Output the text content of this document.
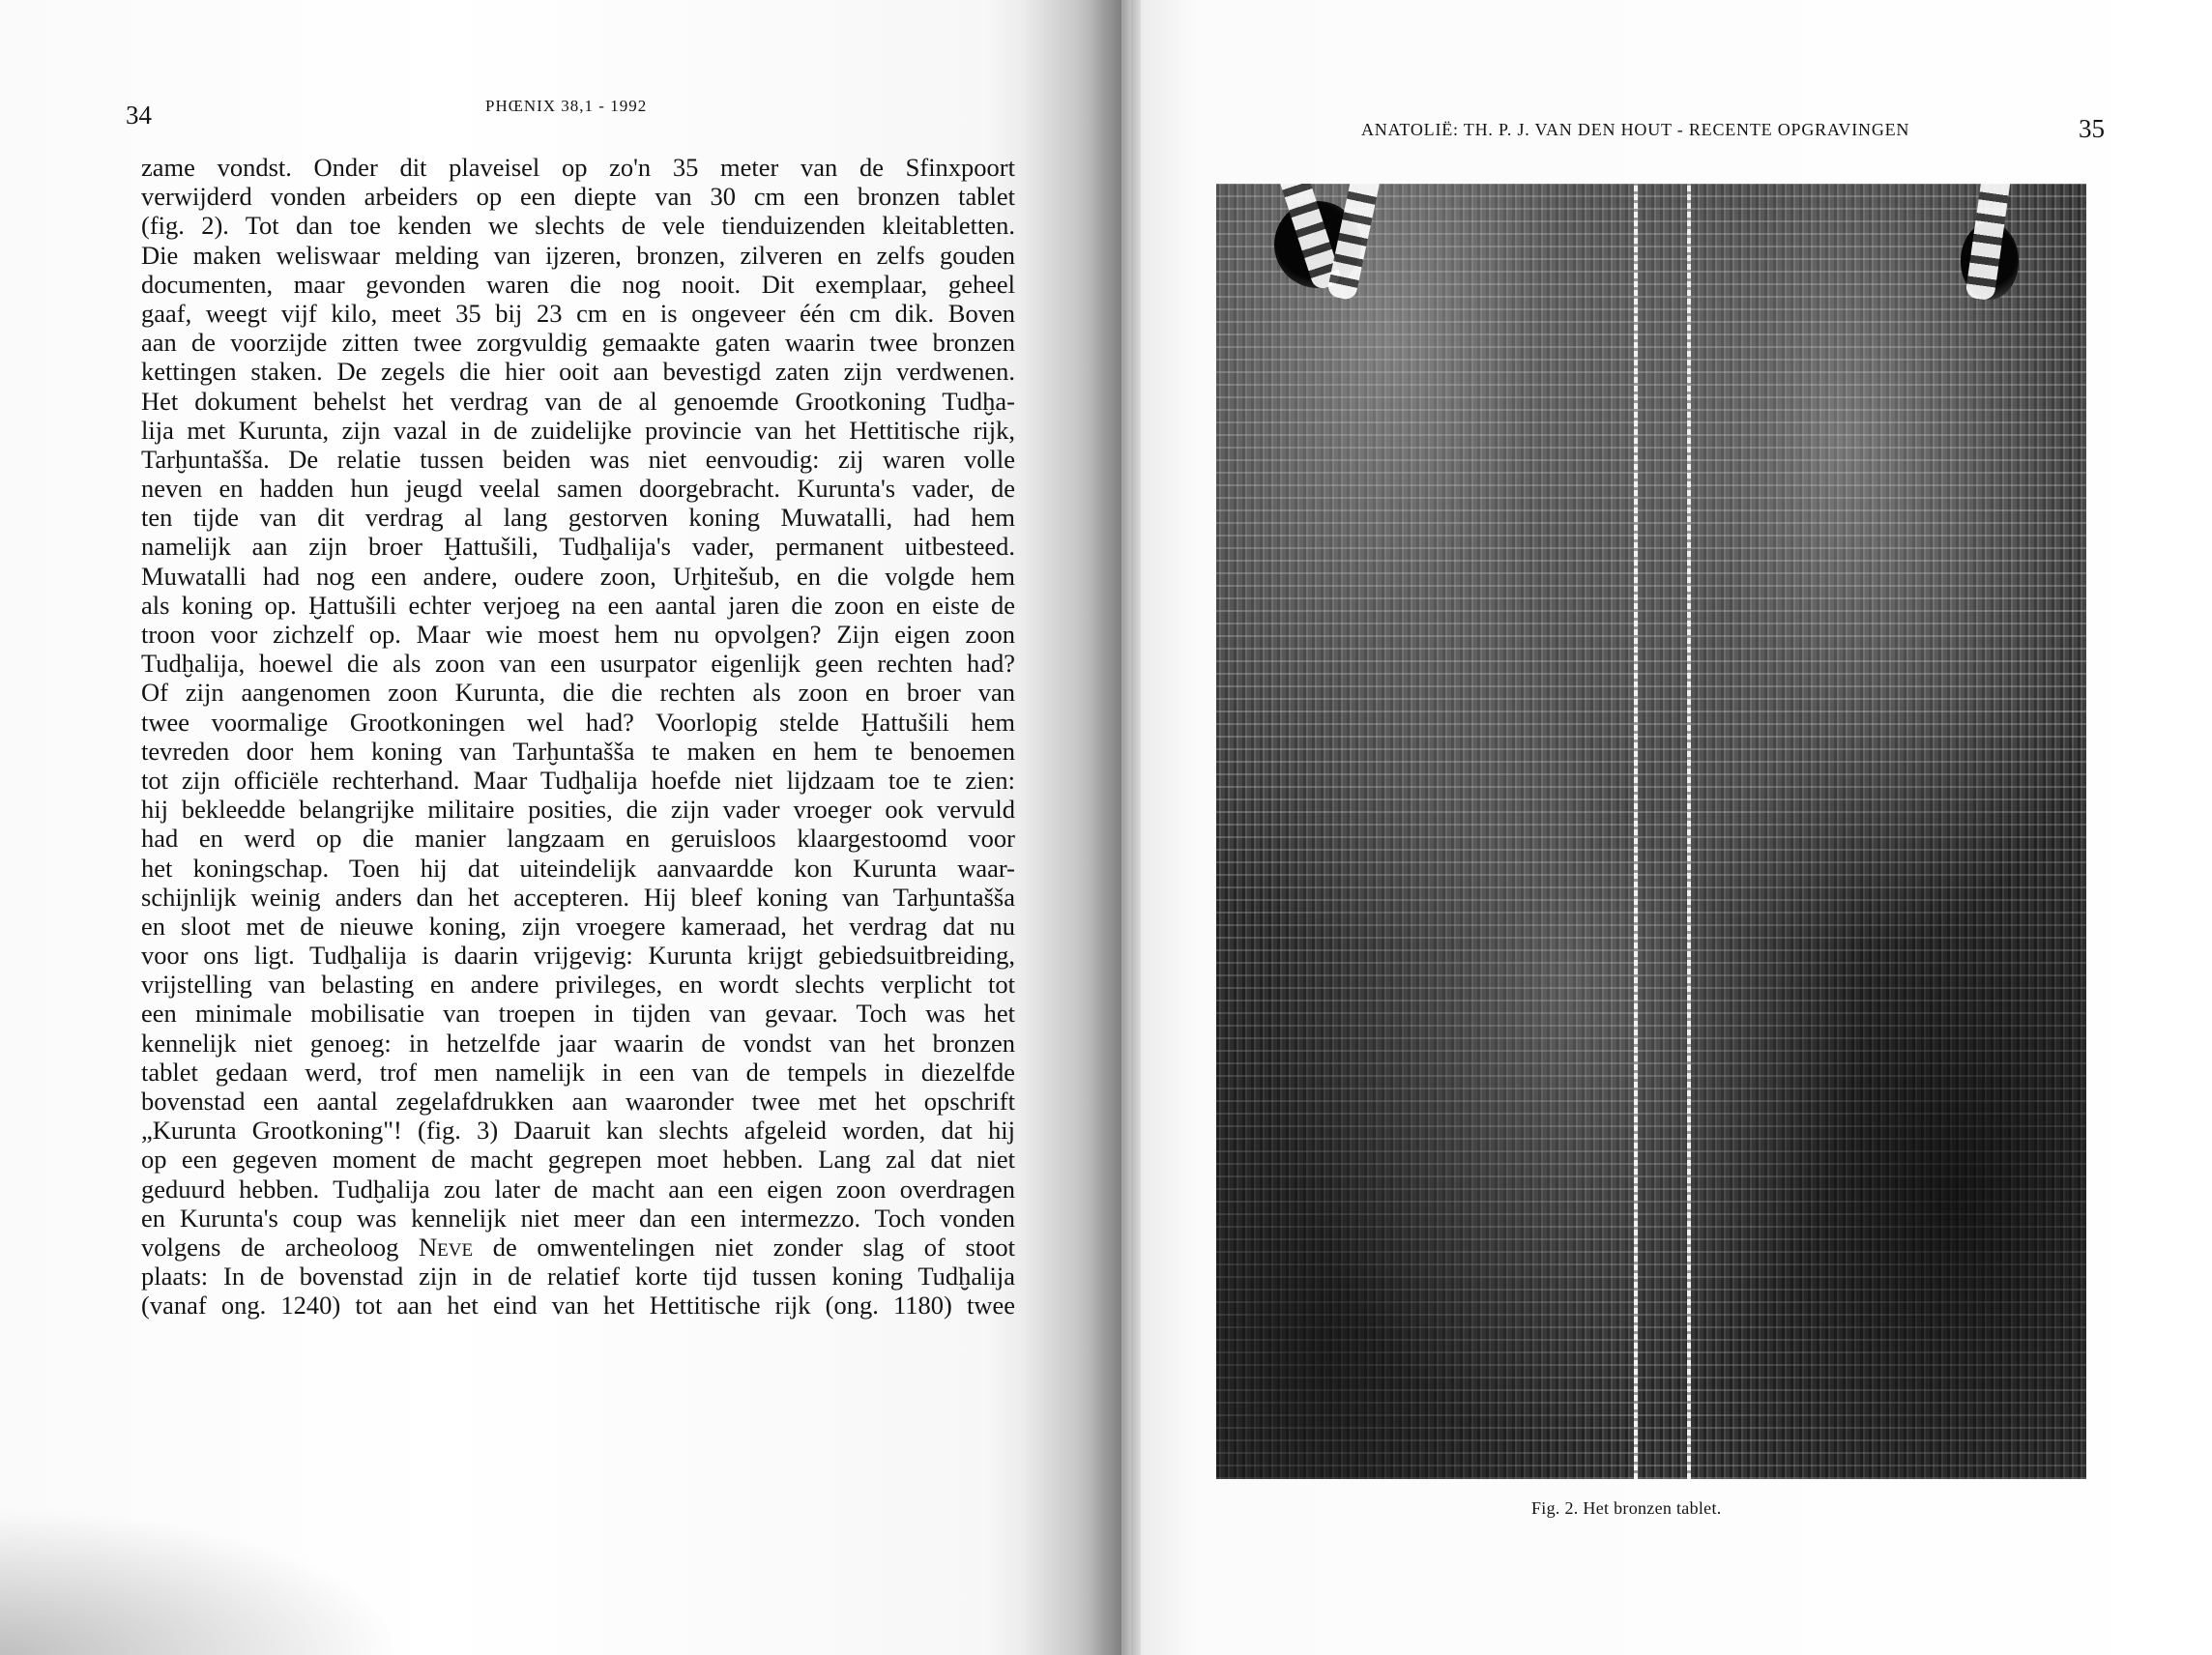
34	PHŒNIX 38,1 - 1992
zame vondst. Onder dit plaveisel op zo'n 35 meter van de Sfinxpoort
verwijderd vonden arbeiders op een diepte van 30 cm een bronzen tablet
(fig. 2). Tot dan toe kenden we slechts de vele tienduizenden kleitabletten.
Die maken weliswaar melding van ijzeren, bronzen, zilveren en zelfs gouden
documenten, maar gevonden waren die nog nooit. Dit exemplaar, geheel
gaaf, weegt vijf kilo, meet 35 bij 23 cm en is ongeveer één cm dik. Boven
aan de voorzijde zitten twee zorgvuldig gemaakte gaten waarin twee bronzen
kettingen staken. De zegels die hier ooit aan bevestigd zaten zijn verdwenen.
Het dokument behelst het verdrag van de al genoemde Grootkoning Tudḫa-
lija met Kurunta, zijn vazal in de zuidelijke provincie van het Hettitische rijk,
Tarḫuntašša. De relatie tussen beiden was niet eenvoudig: zij waren volle
neven en hadden hun jeugd veelal samen doorgebracht. Kurunta's vader, de
ten tijde van dit verdrag al lang gestorven koning Muwatalli, had hem
namelijk aan zijn broer Ḫattušili, Tudḫalija's vader, permanent uitbesteed.
Muwatalli had nog een andere, oudere zoon, Urḫitešub, en die volgde hem
als koning op. Ḫattušili echter verjoeg na een aantal jaren die zoon en eiste de
troon voor zichzelf op. Maar wie moest hem nu opvolgen? Zijn eigen zoon
Tudḫalija, hoewel die als zoon van een usurpator eigenlijk geen rechten had?
Of zijn aangenomen zoon Kurunta, die die rechten als zoon en broer van
twee voormalige Grootkoningen wel had? Voorlopig stelde Ḫattušili hem
tevreden door hem koning van Tarḫuntašša te maken en hem te benoemen
tot zijn officiële rechterhand. Maar Tudḫalija hoefde niet lijdzaam toe te zien:
hij bekleedde belangrijke militaire posities, die zijn vader vroeger ook vervuld
had en werd op die manier langzaam en geruisloos klaargestoomd voor
het koningschap. Toen hij dat uiteindelijk aanvaardde kon Kurunta waar-
schijnlijk weinig anders dan het accepteren. Hij bleef koning van Tarḫuntašša
en sloot met de nieuwe koning, zijn vroegere kameraad, het verdrag dat nu
voor ons ligt. Tudḫalija is daarin vrijgevig: Kurunta krijgt gebiedsuitbreiding,
vrijstelling van belasting en andere privileges, en wordt slechts verplicht tot
een minimale mobilisatie van troepen in tijden van gevaar. Toch was het
kennelijk niet genoeg: in hetzelfde jaar waarin de vondst van het bronzen
tablet gedaan werd, trof men namelijk in een van de tempels in diezelfde
bovenstad een aantal zegelafdrukken aan waaronder twee met het opschrift
„Kurunta Grootkoning"! (fig. 3) Daaruit kan slechts afgeleid worden, dat hij
op een gegeven moment de macht gegrepen moet hebben. Lang zal dat niet
geduurd hebben. Tudḫalija zou later de macht aan een eigen zoon overdragen
en Kurunta's coup was kennelijk niet meer dan een intermezzo. Toch vonden
volgens de archeoloog Neve de omwentelingen niet zonder slag of stoot
plaats: In de bovenstad zijn in de relatief korte tijd tussen koning Tudḫalija
(vanaf ong. 1240) tot aan het eind van het Hettitische rijk (ong. 1180) twee
ANATOLIË: TH. P. J. VAN DEN HOUT - RECENTE OPGRAVINGEN	35
Fig. 2. Het bronzen tablet.
